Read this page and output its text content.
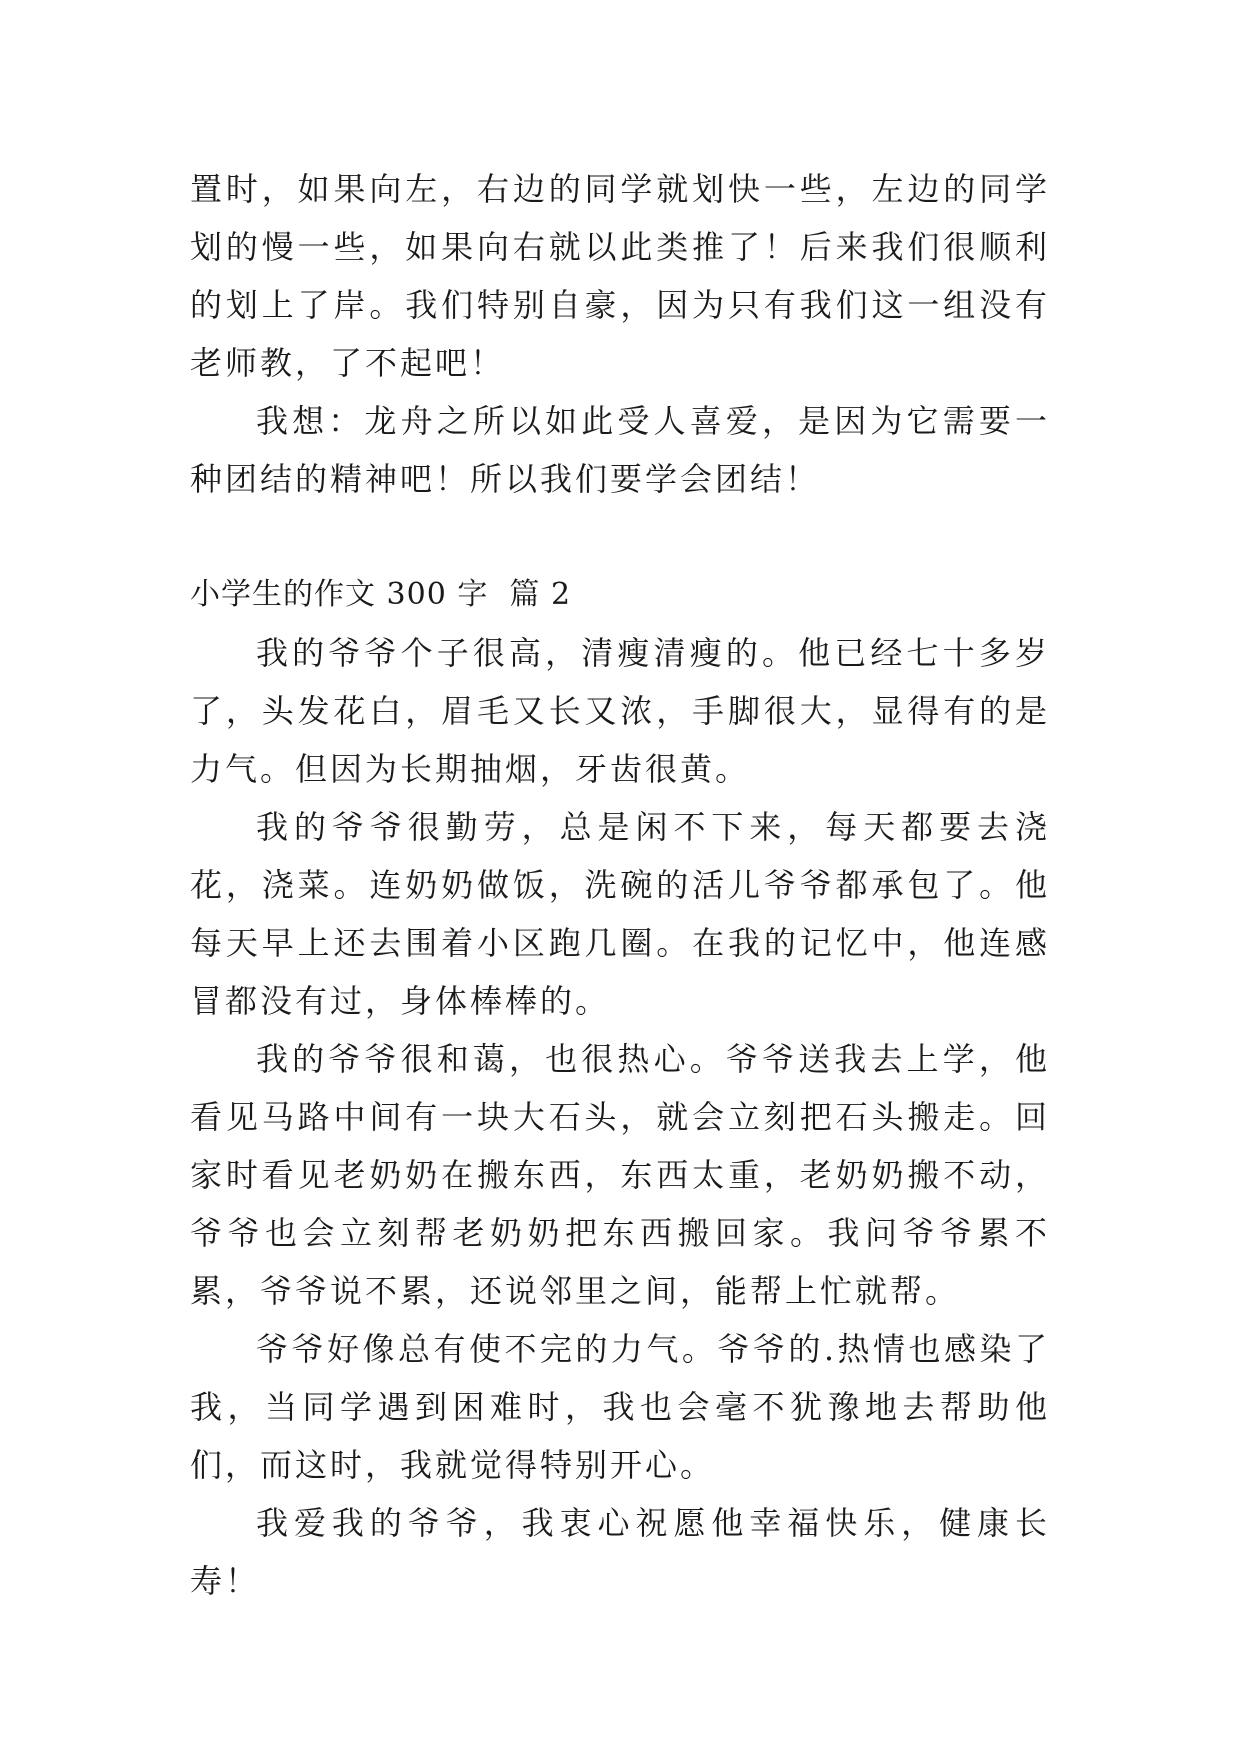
置时，如果向左，右边的同学就划快一些，左边的同学划的慢一些，如果向右就以此类推了！后来我们很顺利的划上了岸。我们特别自豪，因为只有我们这一组没有老师教，了不起吧！

我想：龙舟之所以如此受人喜爱，是因为它需要一种团结的精神吧！所以我们要学会团结！

小学生的作文 300 字  篇 2

我的爷爷个子很高，清瘦清瘦的。他已经七十多岁了，头发花白，眉毛又长又浓，手脚很大，显得有的是力气。但因为长期抽烟，牙齿很黄。

我的爷爷很勤劳，总是闲不下来，每天都要去浇花，浇菜。连奶奶做饭，洗碗的活儿爷爷都承包了。他每天早上还去围着小区跑几圈。在我的记忆中，他连感冒都没有过，身体棒棒的。

我的爷爷很和蔼，也很热心。爷爷送我去上学，他看见马路中间有一块大石头，就会立刻把石头搬走。回家时看见老奶奶在搬东西，东西太重，老奶奶搬不动，爷爷也会立刻帮老奶奶把东西搬回家。我问爷爷累不累，爷爷说不累，还说邻里之间，能帮上忙就帮。

爷爷好像总有使不完的力气。爷爷的.热情也感染了我，当同学遇到困难时，我也会毫不犹豫地去帮助他们，而这时，我就觉得特别开心。

我爱我的爷爷，我衷心祝愿他幸福快乐，健康长寿！
